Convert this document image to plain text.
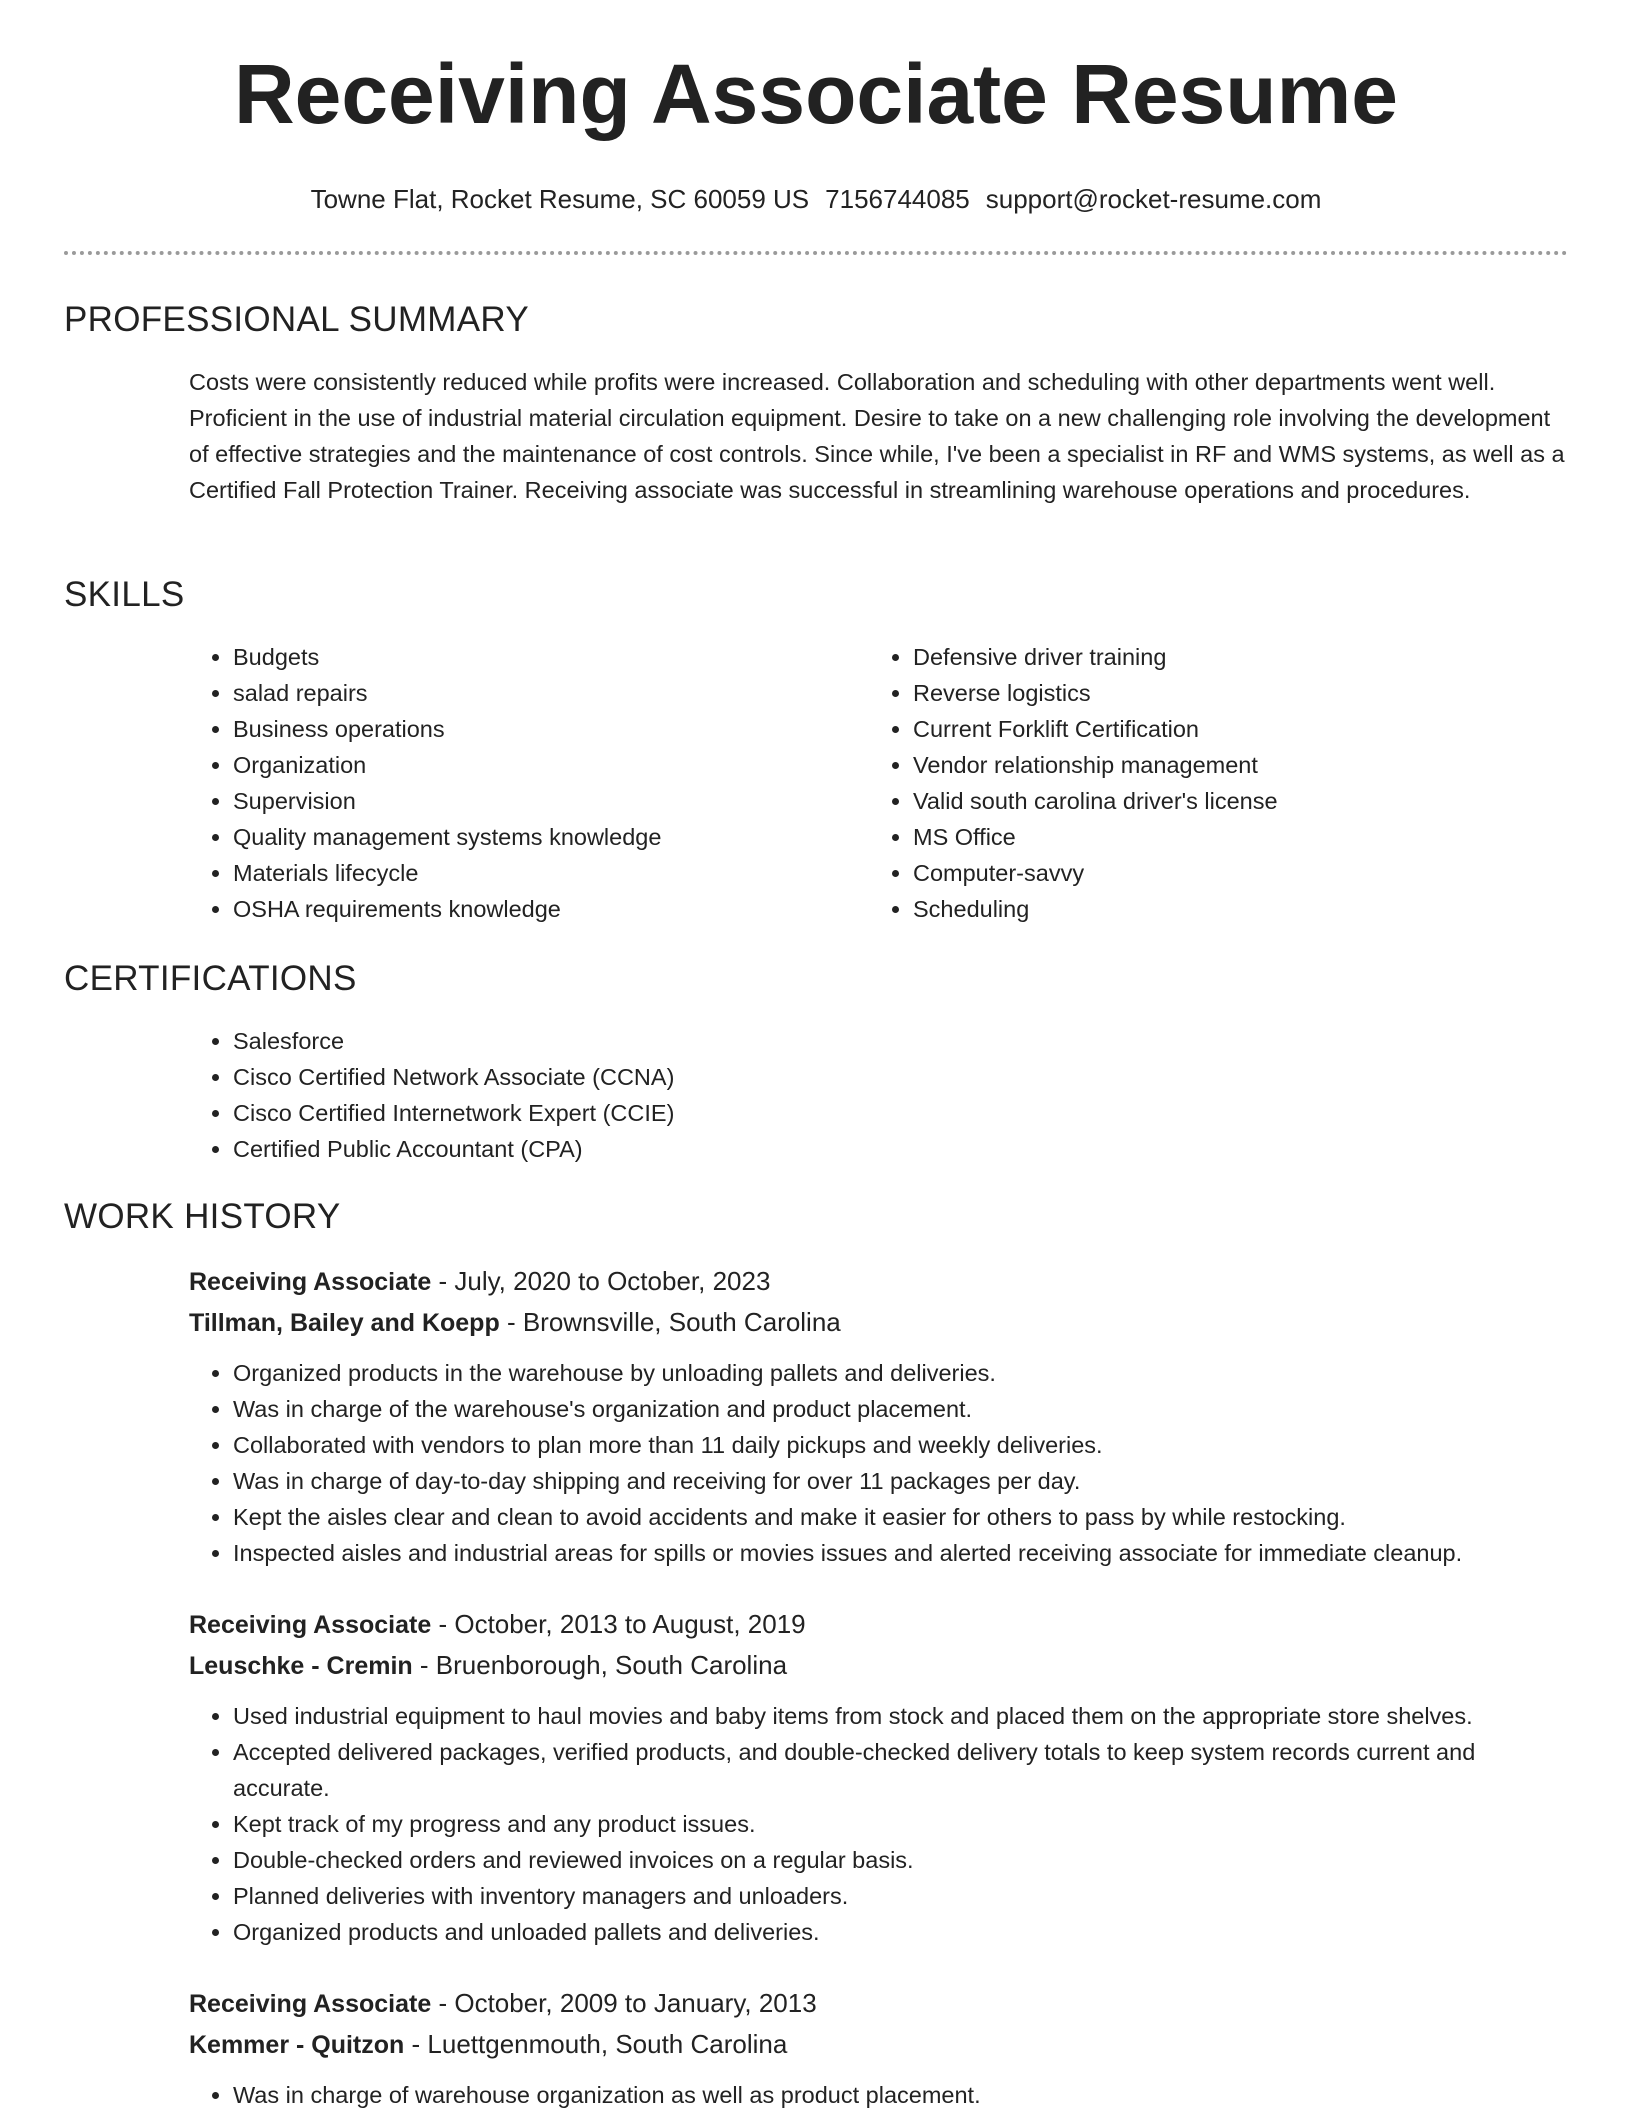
Receiving Associate Resume
Towne Flat, Rocket Resume, SC 60059 US 7156744085 support@rocket-resume.com
PROFESSIONAL SUMMARY

Costs were consistently reduced while profits were increased. Collaboration and scheduling with other departments went well. Proficient in the use of industrial material circulation equipment. Desire to take on a new challenging role involving the development of effective strategies and the maintenance of cost controls. Since while, I've been a specialist in RF and WMS systems, as well as a Certified Fall Protection Trainer. Receiving associate was successful in streamlining warehouse operations and procedures.

SKILLS
• Budgets
• salad repairs
• Business operations
• Organization
• Supervision
• Quality management systems knowledge
• Materials lifecycle
• OSHA requirements knowledge
• Defensive driver training
• Reverse logistics
• Current Forklift Certification
• Vendor relationship management
• Valid south carolina driver's license
• MS Office
• Computer-savvy
• Scheduling
CERTIFICATIONS
• Salesforce
• Cisco Certified Network Associate (CCNA)
• Cisco Certified Internetwork Expert (CCIE)
• Certified Public Accountant (CPA)
WORK HISTORY
Receiving Associate - July, 2020 to October, 2023
Tillman, Bailey and Koepp - Brownsville, South Carolina
• Organized products in the warehouse by unloading pallets and deliveries.
• Was in charge of the warehouse's organization and product placement.
• Collaborated with vendors to plan more than 11 daily pickups and weekly deliveries.
• Was in charge of day-to-day shipping and receiving for over 11 packages per day.
• Kept the aisles clear and clean to avoid accidents and make it easier for others to pass by while restocking.
• Inspected aisles and industrial areas for spills or movies issues and alerted receiving associate for immediate cleanup.
Receiving Associate - October, 2013 to August, 2019
Leuschke - Cremin - Bruenborough, South Carolina
• Used industrial equipment to haul movies and baby items from stock and placed them on the appropriate store shelves.
• Accepted delivered packages, verified products, and double-checked delivery totals to keep system records current and accurate.
• Kept track of my progress and any product issues.
• Double-checked orders and reviewed invoices on a regular basis.
• Planned deliveries with inventory managers and unloaders.
• Organized products and unloaded pallets and deliveries.
Receiving Associate - October, 2009 to January, 2013
Kemmer - Quitzon - Luettgenmouth, South Carolina
• Was in charge of warehouse organization as well as product placement.
